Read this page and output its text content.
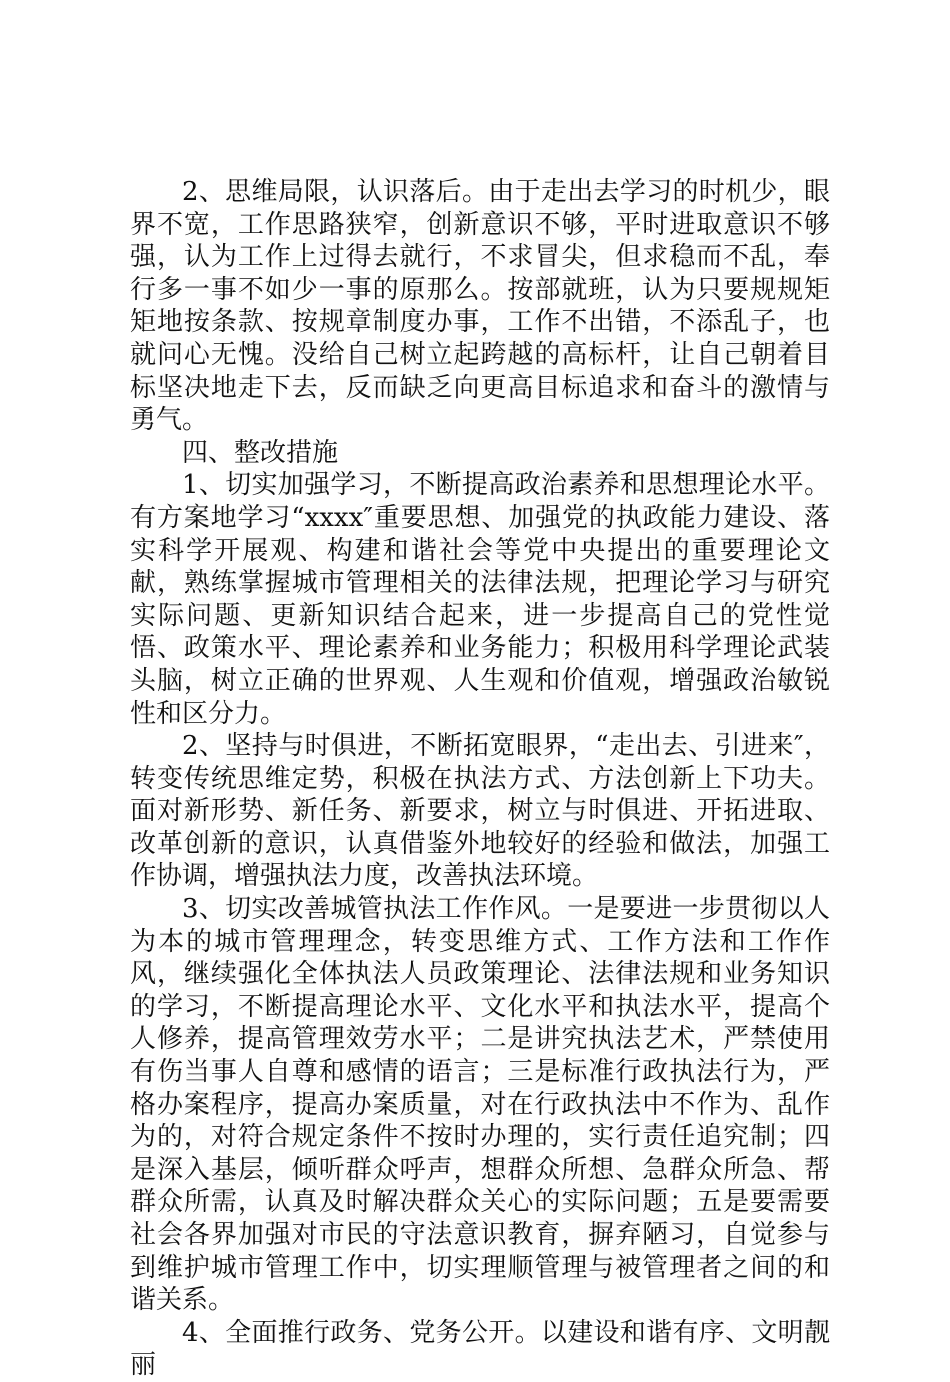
2、思维局限，认识落后。由于走出去学习的时机少，眼界不宽，工作思路狭窄，创新意识不够，平时进取意识不够强，认为工作上过得去就行，不求冒尖，但求稳而不乱，奉行多一事不如少一事的原那么。按部就班，认为只要规规矩矩地按条款、按规章制度办事，工作不出错，不添乱子，也就问心无愧。没给自己树立起跨越的高标杆，让自己朝着目标坚决地走下去，反而缺乏向更高目标追求和奋斗的激情与勇气。

四、整改措施

1、切实加强学习，不断提高政治素养和思想理论水平。有方案地学习“xxxx″重要思想、加强党的执政能力建设、落实科学开展观、构建和谐社会等党中央提出的重要理论文献，熟练掌握城市管理相关的法律法规，把理论学习与研究实际问题、更新知识结合起来，进一步提高自己的党性觉悟、政策水平、理论素养和业务能力；积极用科学理论武装头脑，树立正确的世界观、人生观和价值观，增强政治敏锐性和区分力。

2、坚持与时俱进，不断拓宽眼界，“走出去、引进来″，转变传统思维定势，积极在执法方式、方法创新上下功夫。面对新形势、新任务、新要求，树立与时俱进、开拓进取、改革创新的意识，认真借鉴外地较好的经验和做法，加强工作协调，增强执法力度，改善执法环境。

3、切实改善城管执法工作作风。一是要进一步贯彻以人为本的城市管理理念，转变思维方式、工作方法和工作作风，继续强化全体执法人员政策理论、法律法规和业务知识的学习，不断提高理论水平、文化水平和执法水平，提高个人修养，提高管理效劳水平；二是讲究执法艺术，严禁使用有伤当事人自尊和感情的语言；三是标准行政执法行为，严格办案程序，提高办案质量，对在行政执法中不作为、乱作为的，对符合规定条件不按时办理的，实行责任追究制；四是深入基层，倾听群众呼声，想群众所想、急群众所急、帮群众所需，认真及时解决群众关心的实际问题；五是要需要社会各界加强对市民的守法意识教育，摒弃陋习，自觉参与到维护城市管理工作中，切实理顺管理与被管理者之间的和谐关系。

4、全面推行政务、党务公开。以建设和谐有序、文明靓丽
